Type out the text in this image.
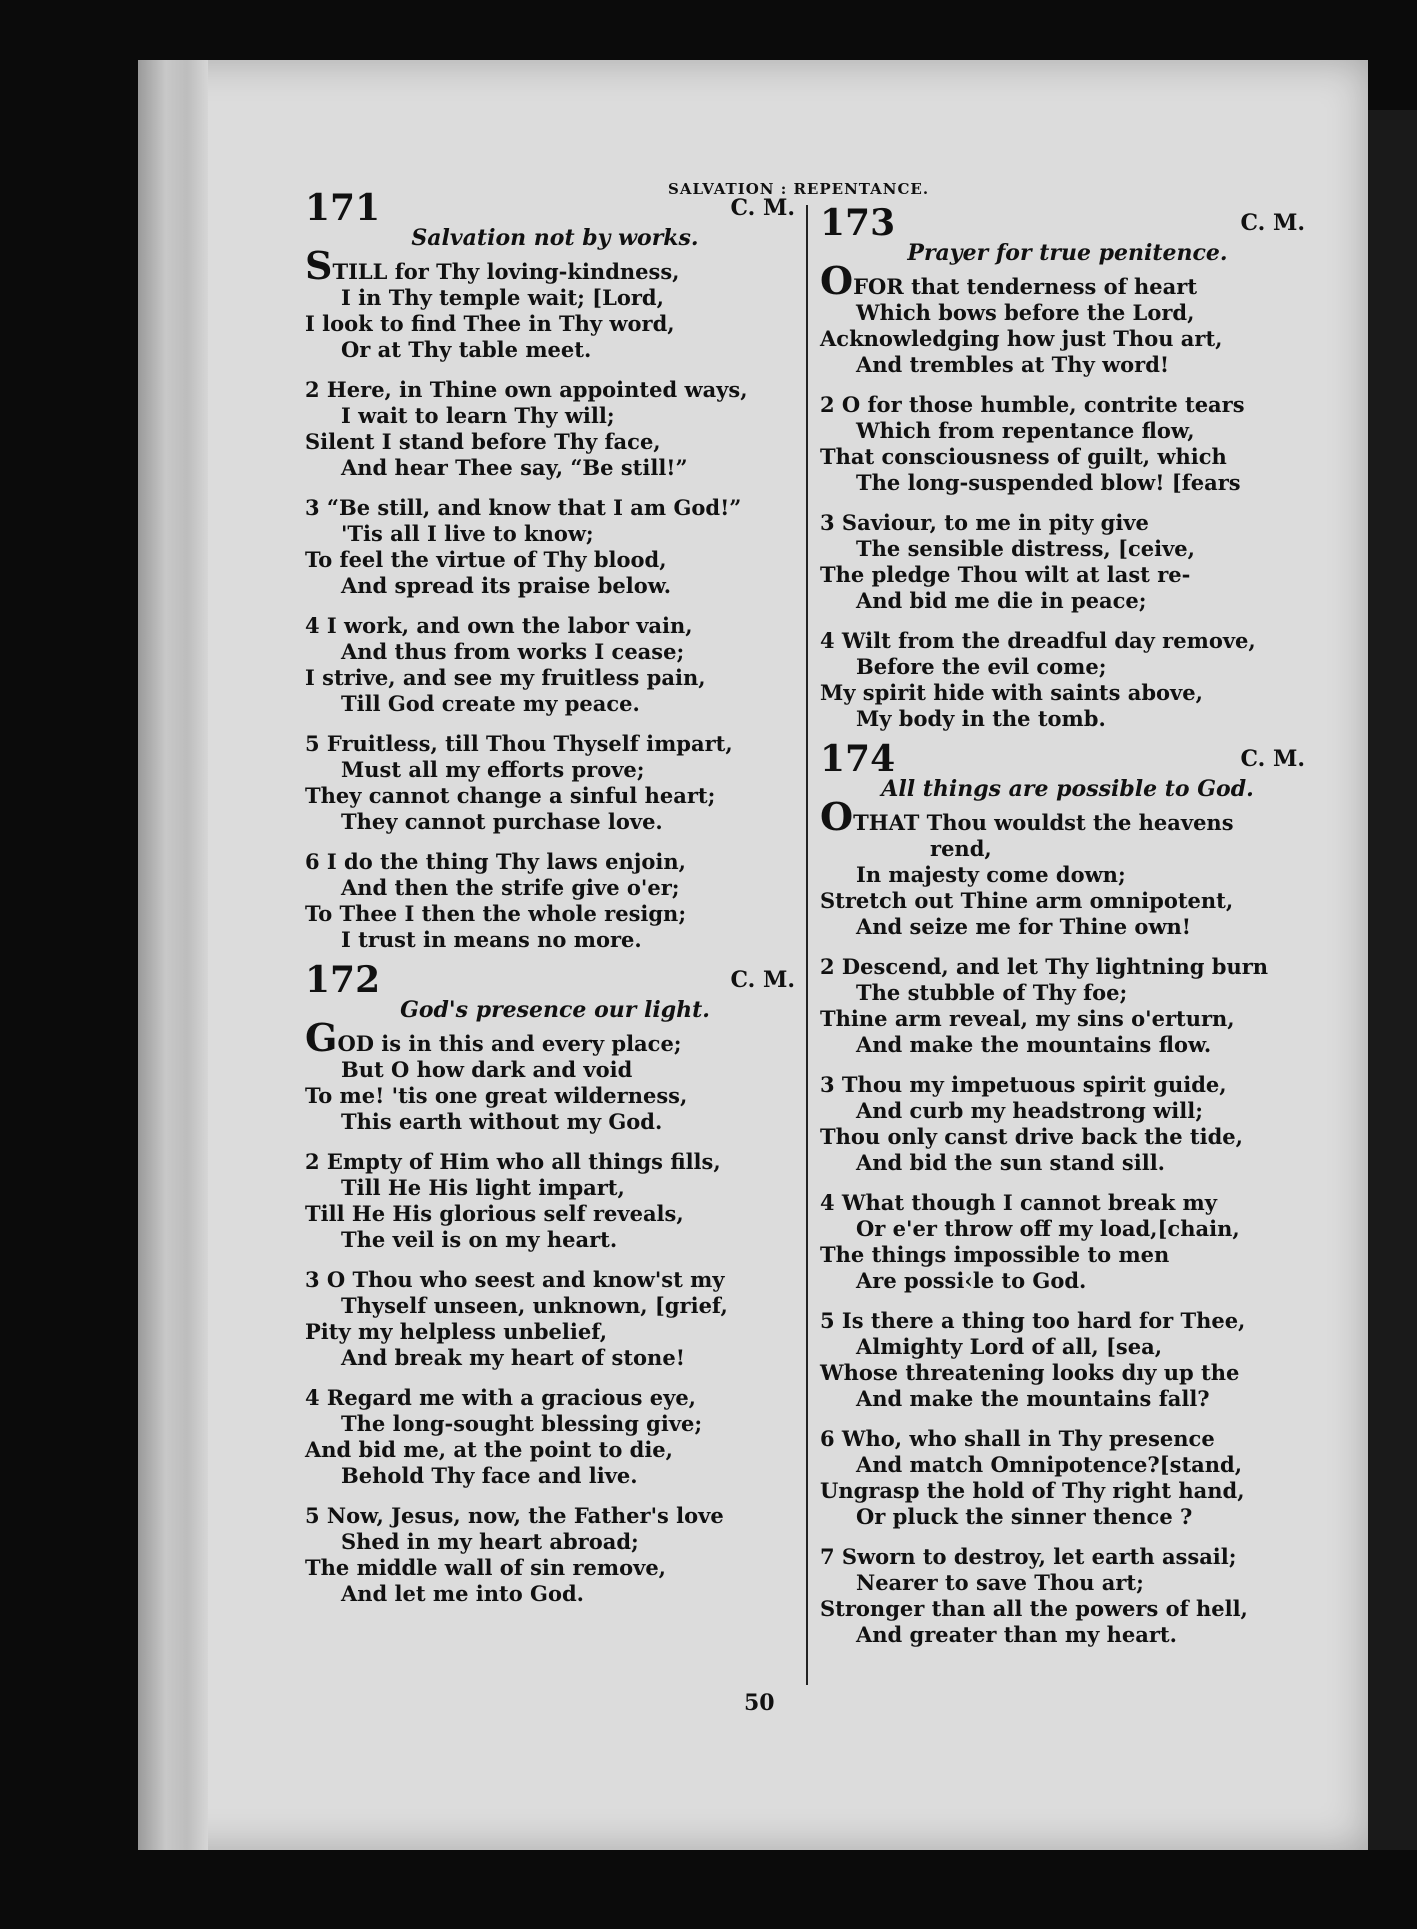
SALVATION : REPENTANCE.
171	C. M.
Salvation not by works.
STILL for Thy loving-kindness,
I in Thy temple wait; [Lord,
I look to find Thee in Thy word,
Or at Thy table meet.
2 Here, in Thine own appointed ways,
I wait to learn Thy will;
Silent I stand before Thy face,
And hear Thee say, “Be still!”
3 “Be still, and know that I am God!”
'Tis all I live to know;
To feel the virtue of Thy blood,
And spread its praise below.
4 I work, and own the labor vain,
And thus from works I cease;
I strive, and see my fruitless pain,
Till God create my peace.
5 Fruitless, till Thou Thyself impart,
Must all my efforts prove;
They cannot change a sinful heart;
They cannot purchase love.
6 I do the thing Thy laws enjoin,
And then the strife give o'er;
To Thee I then the whole resign;
I trust in means no more.
172	C. M.
God's presence our light.
GOD is in this and every place;
But O how dark and void
To me! 'tis one great wilderness,
This earth without my God.
2 Empty of Him who all things fills,
Till He His light impart,
Till He His glorious self reveals,
The veil is on my heart.
3 O Thou who seest and know'st my
Thyself unseen, unknown, [grief,
Pity my helpless unbelief,
And break my heart of stone!
4 Regard me with a gracious eye,
The long-sought blessing give;
And bid me, at the point to die,
Behold Thy face and live.
5 Now, Jesus, now, the Father's love
Shed in my heart abroad;
The middle wall of sin remove,
And let me into God.
173	C. M.
Prayer for true penitence.
OFOR that tenderness of heart
Which bows before the Lord,
Acknowledging how just Thou art,
And trembles at Thy word!
2 O for those humble, contrite tears
Which from repentance flow,
That consciousness of guilt, which
The long-suspended blow! [fears
3 Saviour, to me in pity give
The sensible distress, [ceive,
The pledge Thou wilt at last re-
And bid me die in peace;
4 Wilt from the dreadful day remove,
Before the evil come;
My spirit hide with saints above,
My body in the tomb.
174	C. M.
All things are possible to God.
OTHAT Thou wouldst the heavens
rend,
In majesty come down;
Stretch out Thine arm omnipotent,
And seize me for Thine own!
2 Descend, and let Thy lightning burn
The stubble of Thy foe;
Thine arm reveal, my sins o'erturn,
And make the mountains flow.
3 Thou my impetuous spirit guide,
And curb my headstrong will;
Thou only canst drive back the tide,
And bid the sun stand sill.
4 What though I cannot break my
Or e'er throw off my load,[chain,
The things impossible to men
Are possi‹le to God.
5 Is there a thing too hard for Thee,
Almighty Lord of all, [sea,
Whose threatening looks dıy up the
And make the mountains fall?
6 Who, who shall in Thy presence
And match Omnipotence?[stand,
Ungrasp the hold of Thy right hand,
Or pluck the sinner thence ?
7 Sworn to destroy, let earth assail;
Nearer to save Thou art;
Stronger than all the powers of hell,
And greater than my heart.
50
